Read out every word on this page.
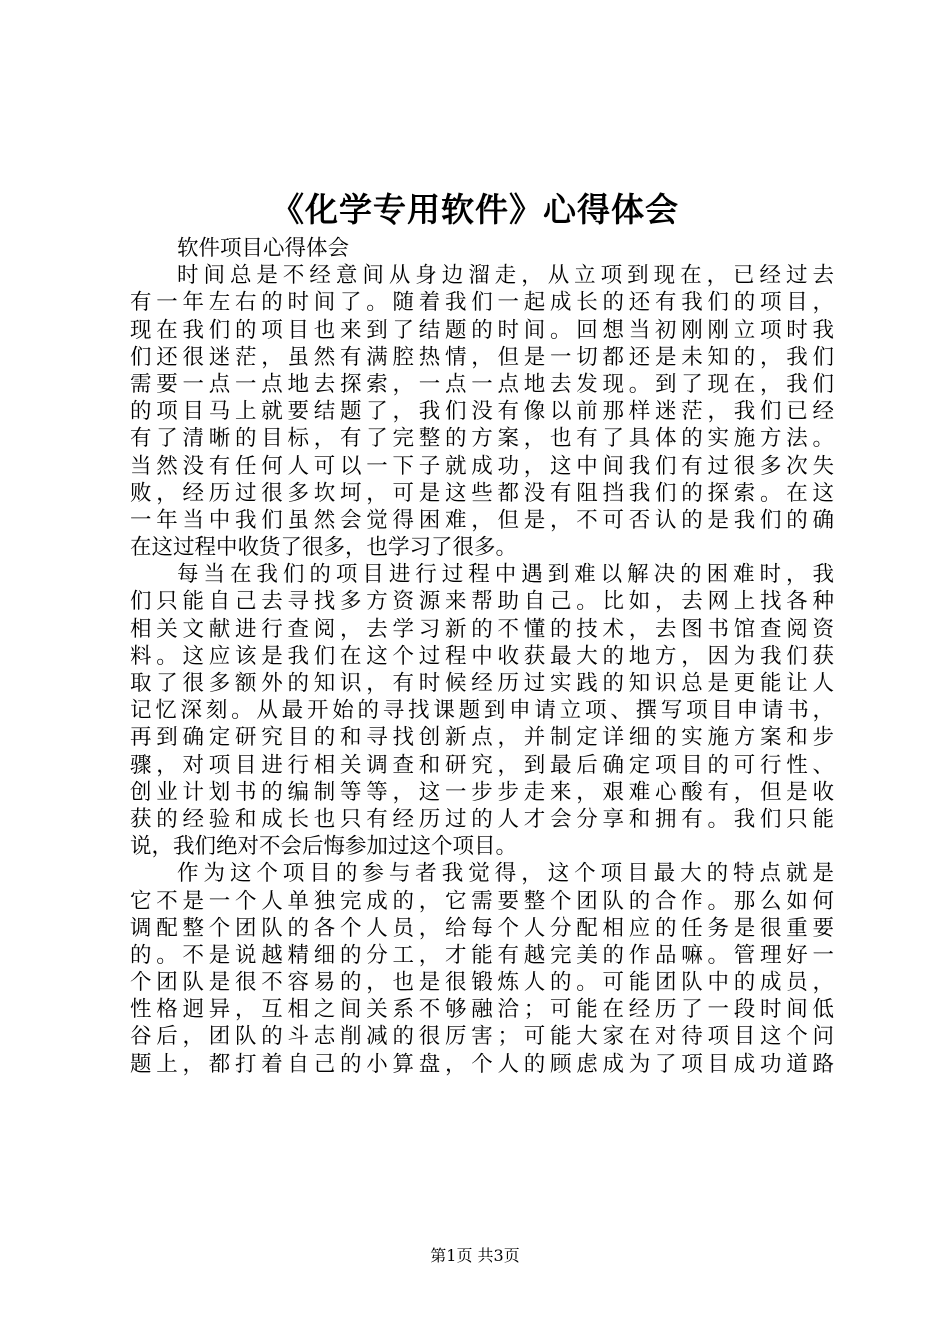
《化学专用软件》心得体会
软件项目心得体会
时间总是不经意间从身边溜走，从立项到现在，已经过去
有一年左右的时间了。随着我们一起成长的还有我们的项目，
现在我们的项目也来到了结题的时间。回想当初刚刚立项时我
们还很迷茫，虽然有满腔热情，但是一切都还是未知的，我们
需要一点一点地去探索，一点一点地去发现。到了现在，我们
的项目马上就要结题了，我们没有像以前那样迷茫，我们已经
有了清晰的目标，有了完整的方案，也有了具体的实施方法。
当然没有任何人可以一下子就成功，这中间我们有过很多次失
败，经历过很多坎坷，可是这些都没有阻挡我们的探索。在这
一年当中我们虽然会觉得困难，但是，不可否认的是我们的确
在这过程中收货了很多，也学习了很多。
每当在我们的项目进行过程中遇到难以解决的困难时，我
们只能自己去寻找多方资源来帮助自己。比如，去网上找各种
相关文献进行查阅，去学习新的不懂的技术，去图书馆查阅资
料。这应该是我们在这个过程中收获最大的地方，因为我们获
取了很多额外的知识，有时候经历过实践的知识总是更能让人
记忆深刻。从最开始的寻找课题到申请立项、撰写项目申请书，
再到确定研究目的和寻找创新点，并制定详细的实施方案和步
骤，对项目进行相关调查和研究，到最后确定项目的可行性、
创业计划书的编制等等，这一步步走来，艰难心酸有，但是收
获的经验和成长也只有经历过的人才会分享和拥有。我们只能
说，我们绝对不会后悔参加过这个项目。
作为这个项目的参与者我觉得，这个项目最大的特点就是
它不是一个人单独完成的，它需要整个团队的合作。那么如何
调配整个团队的各个人员，给每个人分配相应的任务是很重要
的。不是说越精细的分工，才能有越完美的作品嘛。管理好一
个团队是很不容易的，也是很锻炼人的。可能团队中的成员，
性格迥异，互相之间关系不够融洽；可能在经历了一段时间低
谷后，团队的斗志削减的很厉害；可能大家在对待项目这个问
题上，都打着自己的小算盘，个人的顾虑成为了项目成功道路
第1页 共3页
